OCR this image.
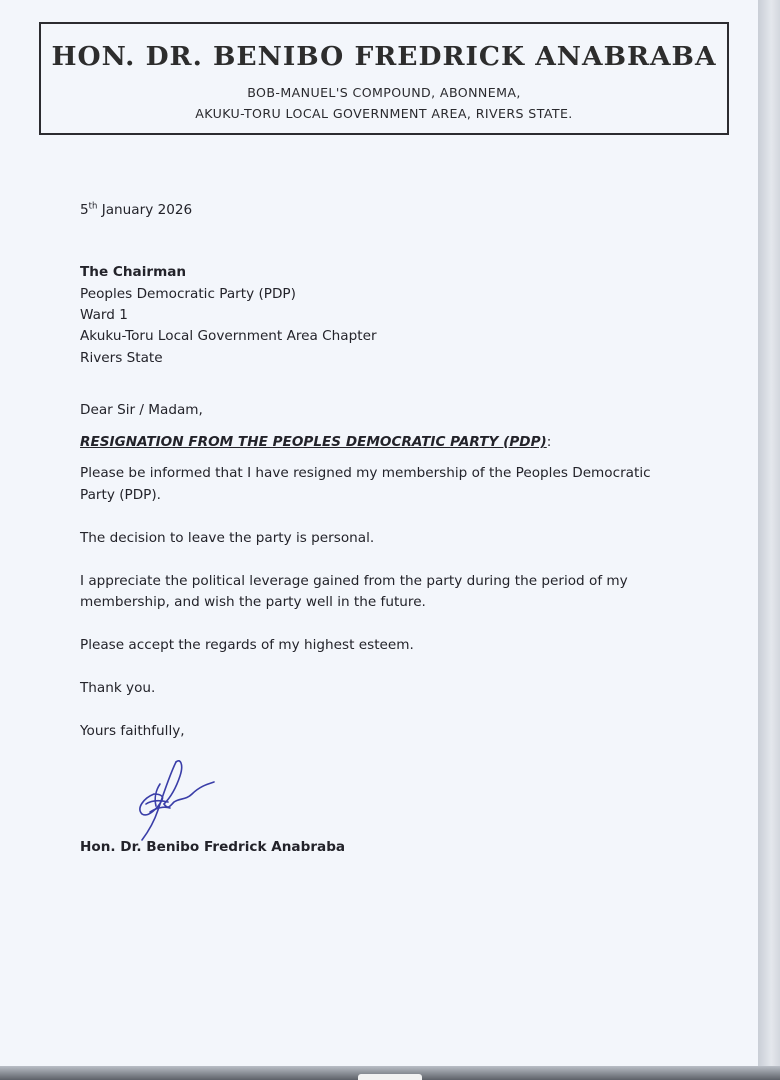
HON. DR. BENIBO FREDRICK ANABRABA
BOB-MANUEL'S COMPOUND, ABONNEMA,
AKUKU-TORU LOCAL GOVERNMENT AREA, RIVERS STATE.
5th January 2026
The Chairman
Peoples Democratic Party (PDP)
Ward 1
Akuku-Toru Local Government Area Chapter
Rivers State
Dear Sir / Madam,
RESIGNATION FROM THE PEOPLES DEMOCRATIC PARTY (PDP):
Please be informed that I have resigned my membership of the Peoples Democratic
Party (PDP).
The decision to leave the party is personal.
I appreciate the political leverage gained from the party during the period of my
membership, and wish the party well in the future.
Please accept the regards of my highest esteem.
Thank you.
Yours faithfully,
Hon. Dr. Benibo Fredrick Anabraba
